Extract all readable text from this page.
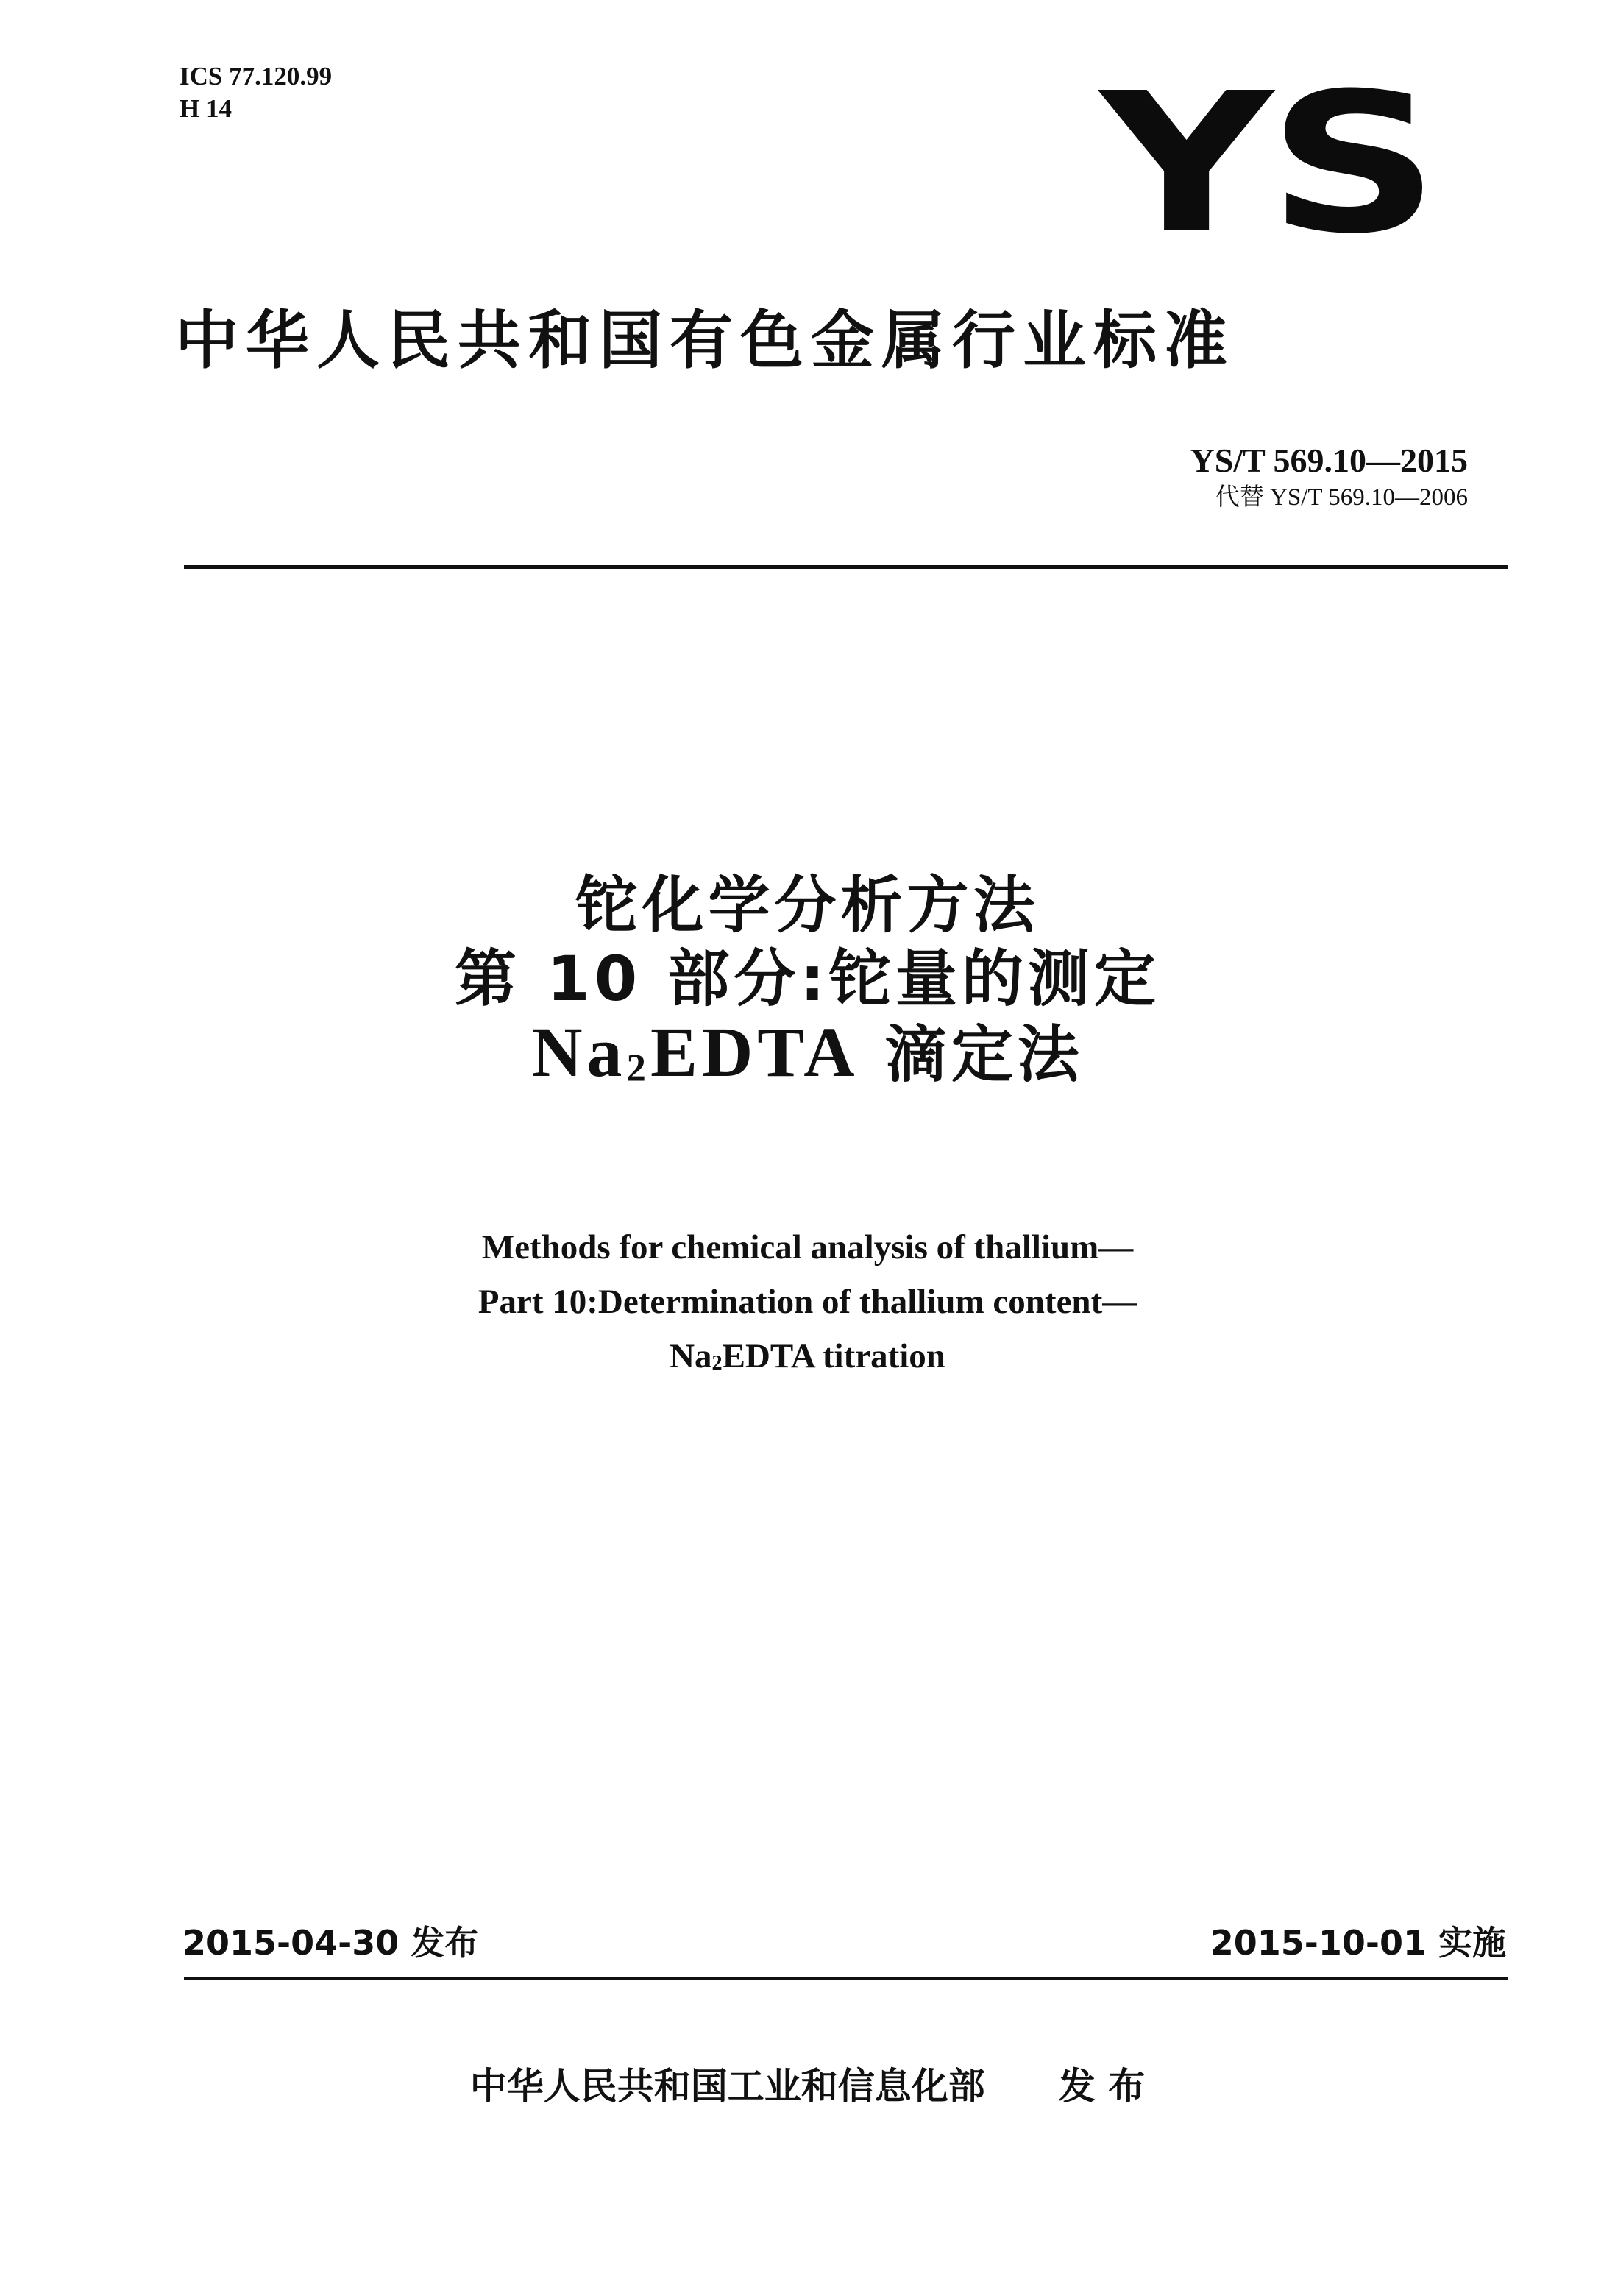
ICS 77.120.99
H 14	YS
中华人民共和国有色金属行业标准
YS/T 569.10—2015
代替 YS/T 569.10—2006
铊化学分析方法
第 10 部分:铊量的测定
$Na_2EDTA$ 滴定法
Methods for chemical analysis of thallium—
Part 10:Determination of thallium content—
$Na_2EDTA$ titration
2015-04-30 发布	2015-10-01 实施
中华人民共和国工业和信息化部 发 布
